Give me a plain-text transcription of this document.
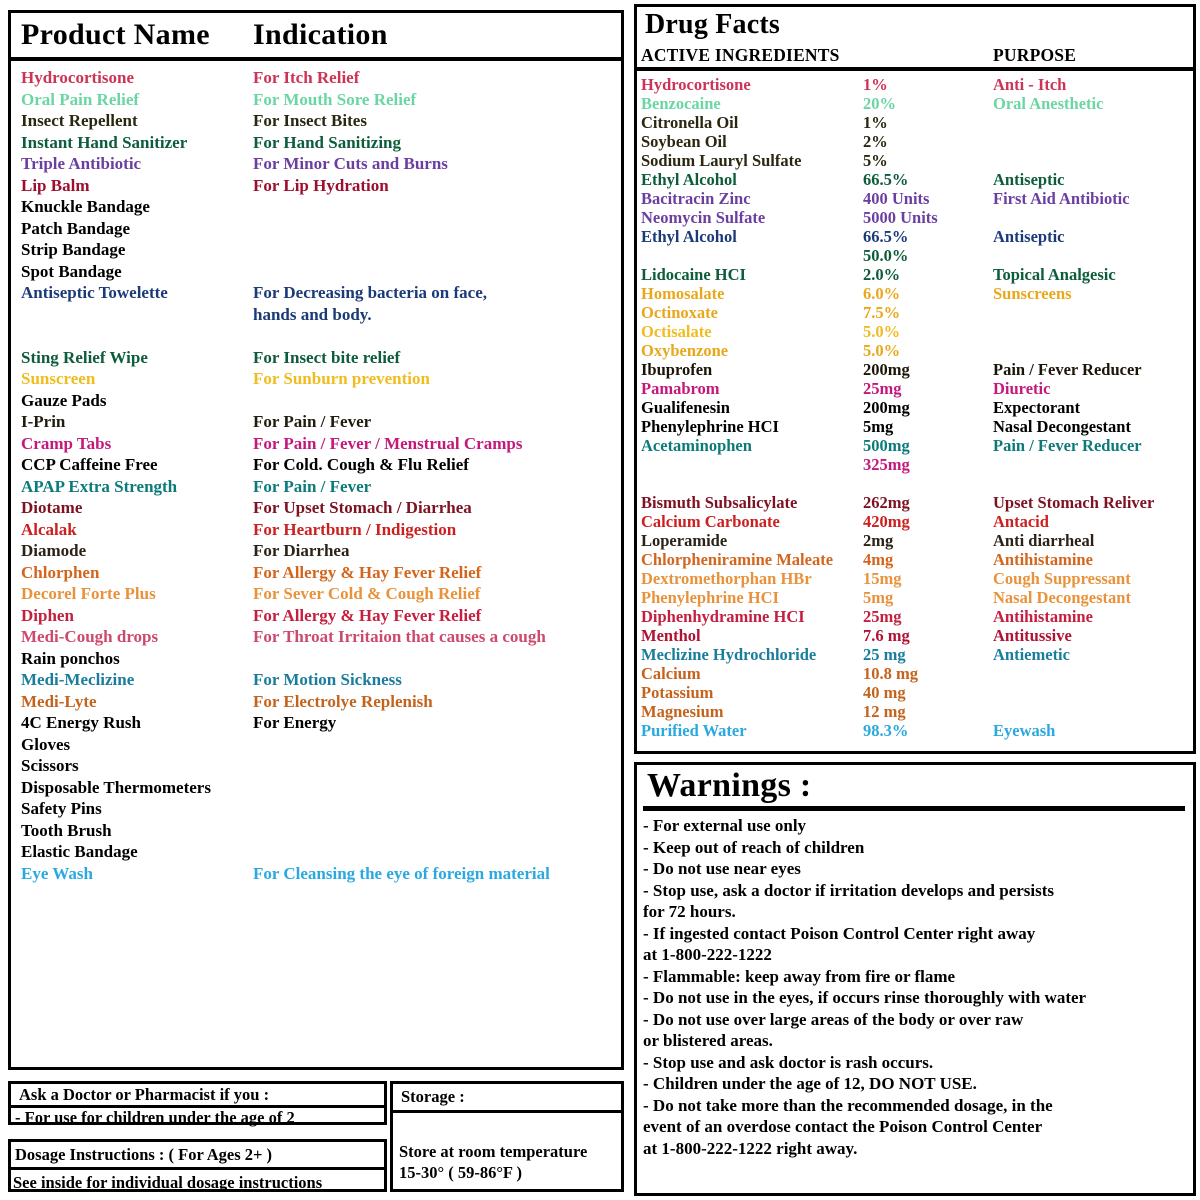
Product Name	Indication
Hydrocortisone	For Itch Relief
Oral Pain Relief	For Mouth Sore Relief
Insect Repellent	For Insect Bites
Instant Hand Sanitizer	For Hand Sanitizing
Triple Antibiotic	For Minor Cuts and Burns
Lip Balm	For Lip Hydration
Knuckle Bandage
Patch Bandage
Strip Bandage
Spot Bandage
Antiseptic Towelette	For Decreasing bacteria on face,
hands and body.
Sting Relief Wipe	For Insect bite relief
Sunscreen	For Sunburn prevention
Gauze Pads
I-Prin	For Pain / Fever
Cramp Tabs	For Pain / Fever / Menstrual Cramps
CCP Caffeine Free	For Cold. Cough & Flu Relief
APAP Extra Strength	For Pain / Fever
Diotame	For Upset Stomach / Diarrhea
Alcalak	For Heartburn / Indigestion
Diamode	For Diarrhea
Chlorphen	For Allergy & Hay Fever Relief
Decorel Forte Plus	For Sever Cold & Cough Relief
Diphen	For Allergy & Hay Fever Relief
Medi-Cough drops	For Throat Irritaion that causes a cough
Rain ponchos
Medi-Meclizine	For Motion Sickness
Medi-Lyte	For Electrolye Replenish
4C Energy Rush	For Energy
Gloves
Scissors
Disposable Thermometers
Safety Pins
Tooth Brush
Elastic Bandage
Eye Wash	For Cleansing the eye of foreign material
Ask a Doctor or Pharmacist if you :
- For use for children under the age of 2
Dosage Instructions : ( For Ages 2+ )
See inside for individual dosage instructions
Storage :
Store at room temperature
15-30° ( 59-86°F )
Drug Facts
ACTIVE INGREDIENTS	PURPOSE
Hydrocortisone	1%	Anti - Itch
Benzocaine	20%	Oral Anesthetic
Citronella Oil	1%
Soybean Oil	2%
Sodium Lauryl Sulfate	5%
Ethyl Alcohol	66.5%	Antiseptic
Bacitracin Zinc	400 Units	First Aid Antibiotic
Neomycin Sulfate	5000 Units
Ethyl Alcohol	66.5%	Antiseptic
50.0%
Lidocaine HCI	2.0%	Topical Analgesic
Homosalate	6.0%	Sunscreens
Octinoxate	7.5%
Octisalate	5.0%
Oxybenzone	5.0%
Ibuprofen	200mg	Pain / Fever Reducer
Pamabrom	25mg	Diuretic
Gualifenesin	200mg	Expectorant
Phenylephrine HCI	5mg	Nasal Decongestant
Acetaminophen	500mg	Pain / Fever Reducer
325mg
Bismuth Subsalicylate	262mg	Upset Stomach Reliver
Calcium Carbonate	420mg	Antacid
Loperamide	2mg	Anti diarrheal
Chlorpheniramine Maleate	4mg	Antihistamine
Dextromethorphan HBr	15mg	Cough Suppressant
Phenylephrine HCI	5mg	Nasal Decongestant
Diphenhydramine HCI	25mg	Antihistamine
Menthol	7.6 mg	Antitussive
Meclizine Hydrochloride	25 mg	Antiemetic
Calcium	10.8 mg
Potassium	40 mg
Magnesium	12 mg
Purified Water	98.3%	Eyewash
Warnings :
- For external use only
- Keep out of reach of children
- Do not use near eyes
- Stop use, ask a doctor if irritation develops and persists
for 72 hours.
- If ingested contact Poison Control Center right away
at 1-800-222-1222
- Flammable: keep away from fire or flame
- Do not use in the eyes, if occurs rinse thoroughly with water
- Do not use over large areas of the body or over raw
or blistered areas.
- Stop use and ask doctor is rash occurs.
- Children under the age of 12, DO NOT USE.
- Do not take more than the recommended dosage, in the
event of an overdose contact the Poison Control Center
at 1-800-222-1222 right away.
